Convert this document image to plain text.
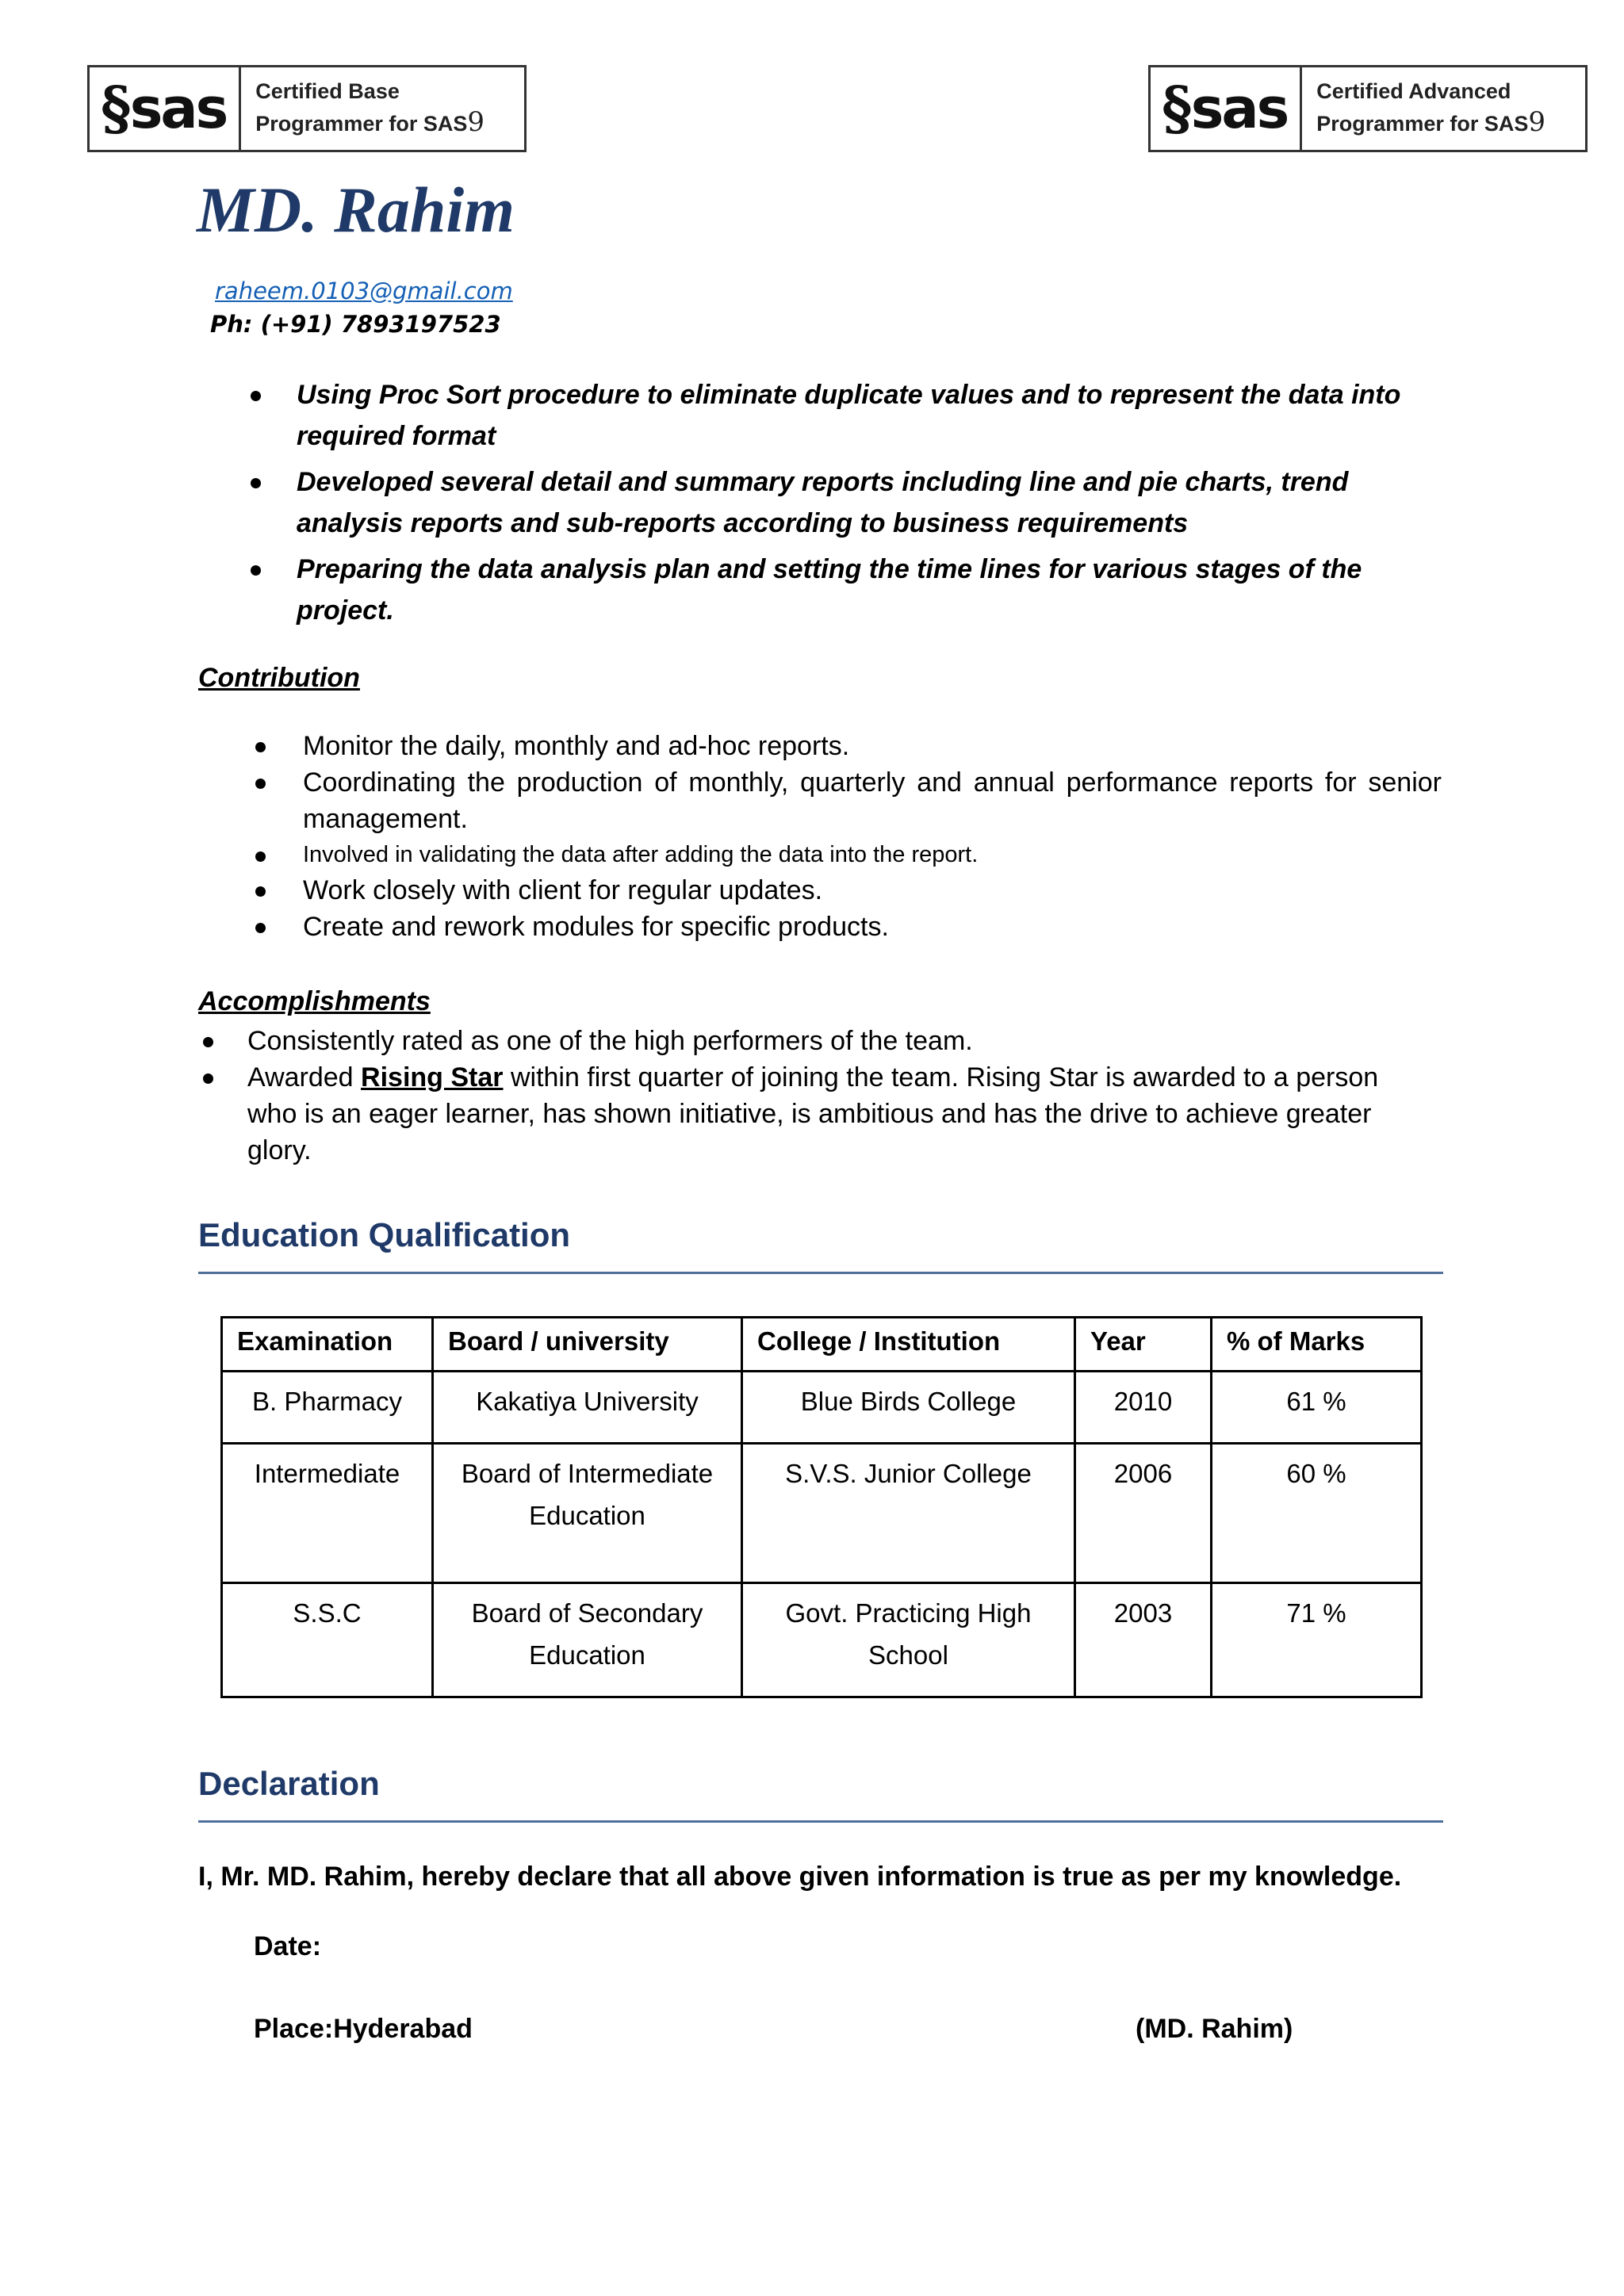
§ sas Certified Base
Programmer for SAS9	§ sas Certified Advanced
Programmer for SAS9
MD. Rahim
raheem.0103@gmail.com
Ph: (+91) 7893197523
Using Proc Sort procedure to eliminate duplicate values and to represent the data into required format
Developed several detail and summary reports including line and pie charts, trend analysis reports and sub-reports according to business requirements
Preparing the data analysis plan and setting the time lines for various stages of the project.
Contribution
Monitor the daily, monthly and ad-hoc reports.
Coordinating the production of monthly, quarterly and annual performance reports for senior management.
Involved in validating the data after adding the data into the report.
Work closely with client for regular updates.
Create and rework modules for specific products.
Accomplishments
Consistently rated as one of the high performers of the team.
Awarded Rising Star within first quarter of joining the team. Rising Star is awarded to a person who is an eager learner, has shown initiative, is ambitious and has the drive to achieve greater glory.
Education Qualification
Examination	Board / university	College / Institution	Year	% of Marks
B. Pharmacy	Kakatiya University	Blue Birds College	2010	61 %
Intermediate	Board of Intermediate Education	S.V.S. Junior College	2006	60 %
S.S.C	Board of Secondary Education	Govt. Practicing High School	2003	71 %
Declaration
I, Mr. MD. Rahim, hereby declare that all above given information is true as per my knowledge.
Date:
Place:Hyderabad	(MD. Rahim)
